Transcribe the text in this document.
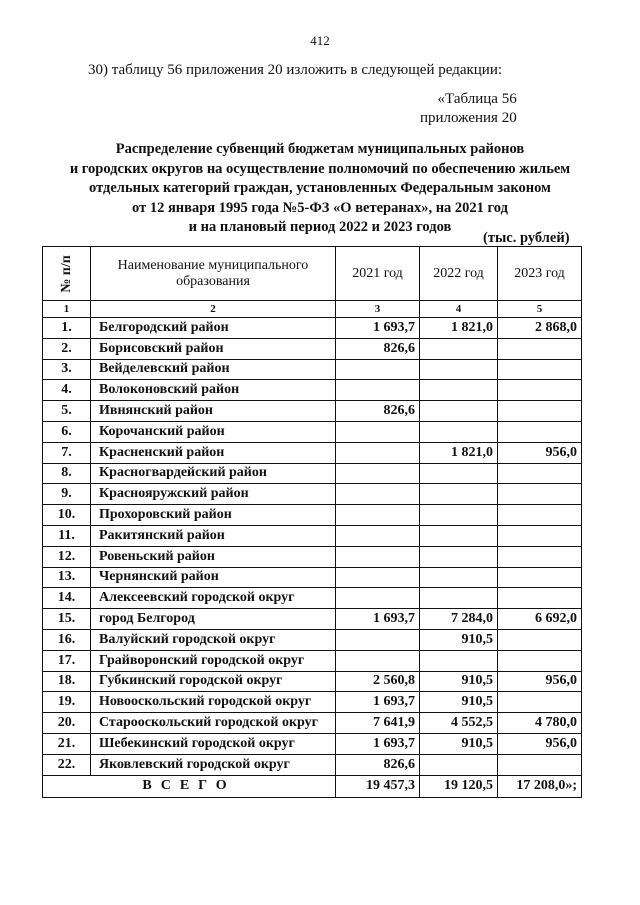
412
30) таблицу 56 приложения 20 изложить в следующей редакции:
«Таблица 56
приложения 20
Распределение субвенций бюджетам муниципальных районов
и городских округов на осуществление полномочий по обеспечению жильем
отдельных категорий граждан, установленных Федеральным законом
от 12 января 1995 года №5-ФЗ «О ветеранах», на 2021 год
и на плановый период 2022 и 2023 годов
(тыс. рублей)
№ п/п	Наименование муниципального образования	2021 год	2022 год	2023 год
1	2	3	4	5
1.	Белгородский район	1 693,7	1 821,0	2 868,0
2.	Борисовский район	826,6		
3.	Вейделевский район			
4.	Волоконовский район			
5.	Ивнянский район	826,6		
6.	Корочанский район			
7.	Красненский район		1 821,0	956,0
8.	Красногвардейский район			
9.	Краснояружский район			
10.	Прохоровский район			
11.	Ракитянский район			
12.	Ровеньский район			
13.	Чернянский район			
14.	Алексеевский городской округ			
15.	город Белгород	1 693,7	7 284,0	6 692,0
16.	Валуйский городской округ		910,5	
17.	Грайворонский городской округ			
18.	Губкинский городской округ	2 560,8	910,5	956,0
19.	Новооскольский городской округ	1 693,7	910,5	
20.	Старооскольский городской округ	7 641,9	4 552,5	4 780,0
21.	Шебекинский городской округ	1 693,7	910,5	956,0
22.	Яковлевский городской округ	826,6		
ВСЕГО		19 457,3	19 120,5	17 208,0»;
